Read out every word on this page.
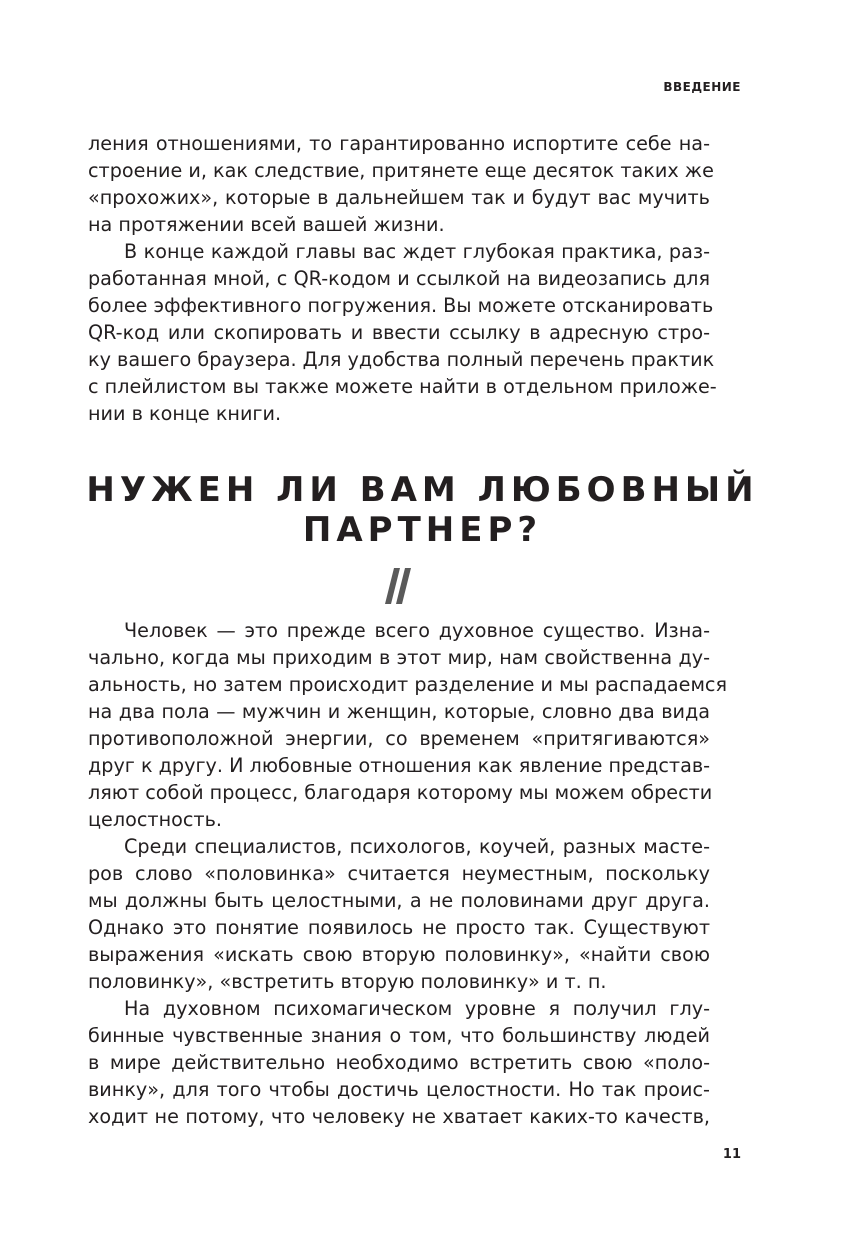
ВВЕДЕНИЕ
ления отношениями, то гарантированно испортите себе на-
строение и, как следствие, притянете еще десяток таких же
«прохожих», которые в дальнейшем так и будут вас мучить
на протяжении всей вашей жизни.
В конце каждой главы вас ждет глубокая практика, раз-
работанная мной, с QR-кодом и ссылкой на видеозапись для
более эффективного погружения. Вы можете отсканировать
QR-код или скопировать и ввести ссылку в адресную стро-
ку вашего браузера. Для удобства полный перечень практик
с плейлистом вы также можете найти в отдельном приложе-
нии в конце книги.
НУЖЕН ЛИ ВАМ ЛЮБОВНЫЙ
ПАРТНЕР?
Человек — это прежде всего духовное существо. Изна-
чально, когда мы приходим в этот мир, нам свойственна ду-
альность, но затем происходит разделение и мы распадаемся
на два пола — мужчин и женщин, которые, словно два вида
противоположной энергии, со временем «притягиваются»
друг к другу. И любовные отношения как явление представ-
ляют собой процесс, благодаря которому мы можем обрести
целостность.
Среди специалистов, психологов, коучей, разных масте-
ров слово «половинка» считается неуместным, поскольку
мы должны быть целостными, а не половинами друг друга.
Однако это понятие появилось не просто так. Существуют
выражения «искать свою вторую половинку», «найти свою
половинку», «встретить вторую половинку» и т. п.
На духовном психомагическом уровне я получил глу-
бинные чувственные знания о том, что большинству людей
в мире действительно необходимо встретить свою «поло-
винку», для того чтобы достичь целостности. Но так проис-
ходит не потому, что человеку не хватает каких-то качеств,
11
